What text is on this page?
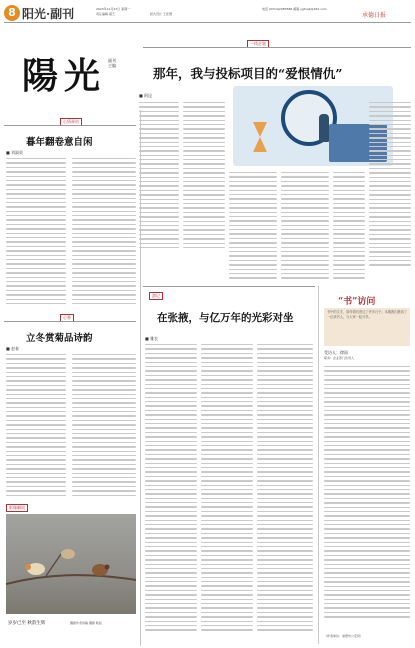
8 阳光·副刊	2023年11月27日 星期一
责任编辑 郝艺	版式设计 王佳慧
电话 (0314)2083586 邮箱 ygfuqk@163.com
承德日报
陽光 副刊 主编
一线走笔
那年，我与投标项目的“爱恨情仇”
■ 阿昆
心情驿站
暮年翻卷意自闲
■ 刘淑英
心香
立冬赏菊品诗韵
■ 赵春
影像瞬间
岁岁已至 秋韵生辉	摄影作者供稿 摄影 耿彪
游记
在张掖，与亿万年的光彩对坐
■ 雅农
“书”访问
书中的文字，陪伴我们度过了许多日子。本期我们邀请了一位读书人，与大家一起分享。
受访人：徐雨
职务：企业部门负责人
（作者单位：承德市公安局）
